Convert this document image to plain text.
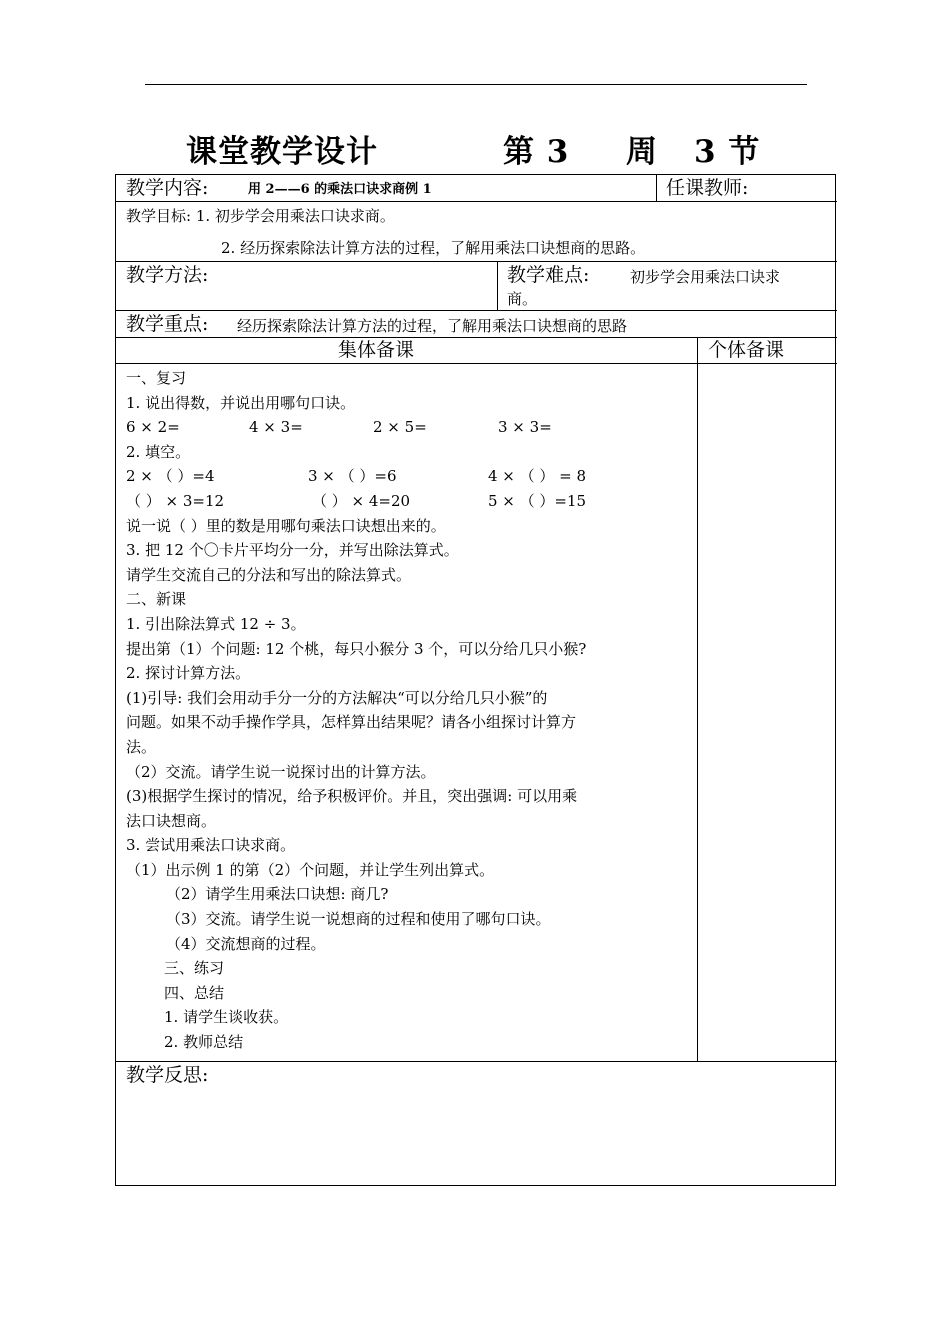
课堂教学设计	第 3 周 3 节
教学内容:	用 2——6 的乘法口诀求商例 1	任课教师:
教学目标: 1. 初步学会用乘法口诀求商。
2. 经历探索除法计算方法的过程，了解用乘法口诀想商的思路。
教学方法:	教学难点:	初步学会用乘法口诀求
商。
教学重点: 经历探索除法计算方法的过程，了解用乘法口诀想商的思路
集体备课	个体备课
一、复习
1. 说出得数，并说出用哪句口诀。
6 × 2=	4 × 3=	2 × 5=	3 × 3=
2. 填空。
2 × （ ）=4	3 × （ ）=6	4 × （ ） = 8
（ ） × 3=12	（ ） × 4=20	5 × （ ）=15
说一说（ ）里的数是用哪句乘法口诀想出来的。
3. 把 12 个〇卡片平均分一分，并写出除法算式。
请学生交流自己的分法和写出的除法算式。
二、新课
1. 引出除法算式 12 ÷ 3。
提出第（1）个问题: 12 个桃，每只小猴分 3 个，可以分给几只小猴?
2. 探讨计算方法。
(1)引导: 我们会用动手分一分的方法解决“可以分给几只小猴”的
问题。如果不动手操作学具，怎样算出结果呢？请各小组探讨计算方
法。
（2）交流。请学生说一说探讨出的计算方法。
(3)根据学生探讨的情况，给予积极评价。并且，突出强调: 可以用乘
法口诀想商。
3. 尝试用乘法口诀求商。
（1）出示例 1 的第（2）个问题，并让学生列出算式。
（2）请学生用乘法口诀想: 商几?
（3）交流。请学生说一说想商的过程和使用了哪句口诀。
（4）交流想商的过程。
三、练习
四、总结
1. 请学生谈收获。
2. 教师总结
教学反思:
